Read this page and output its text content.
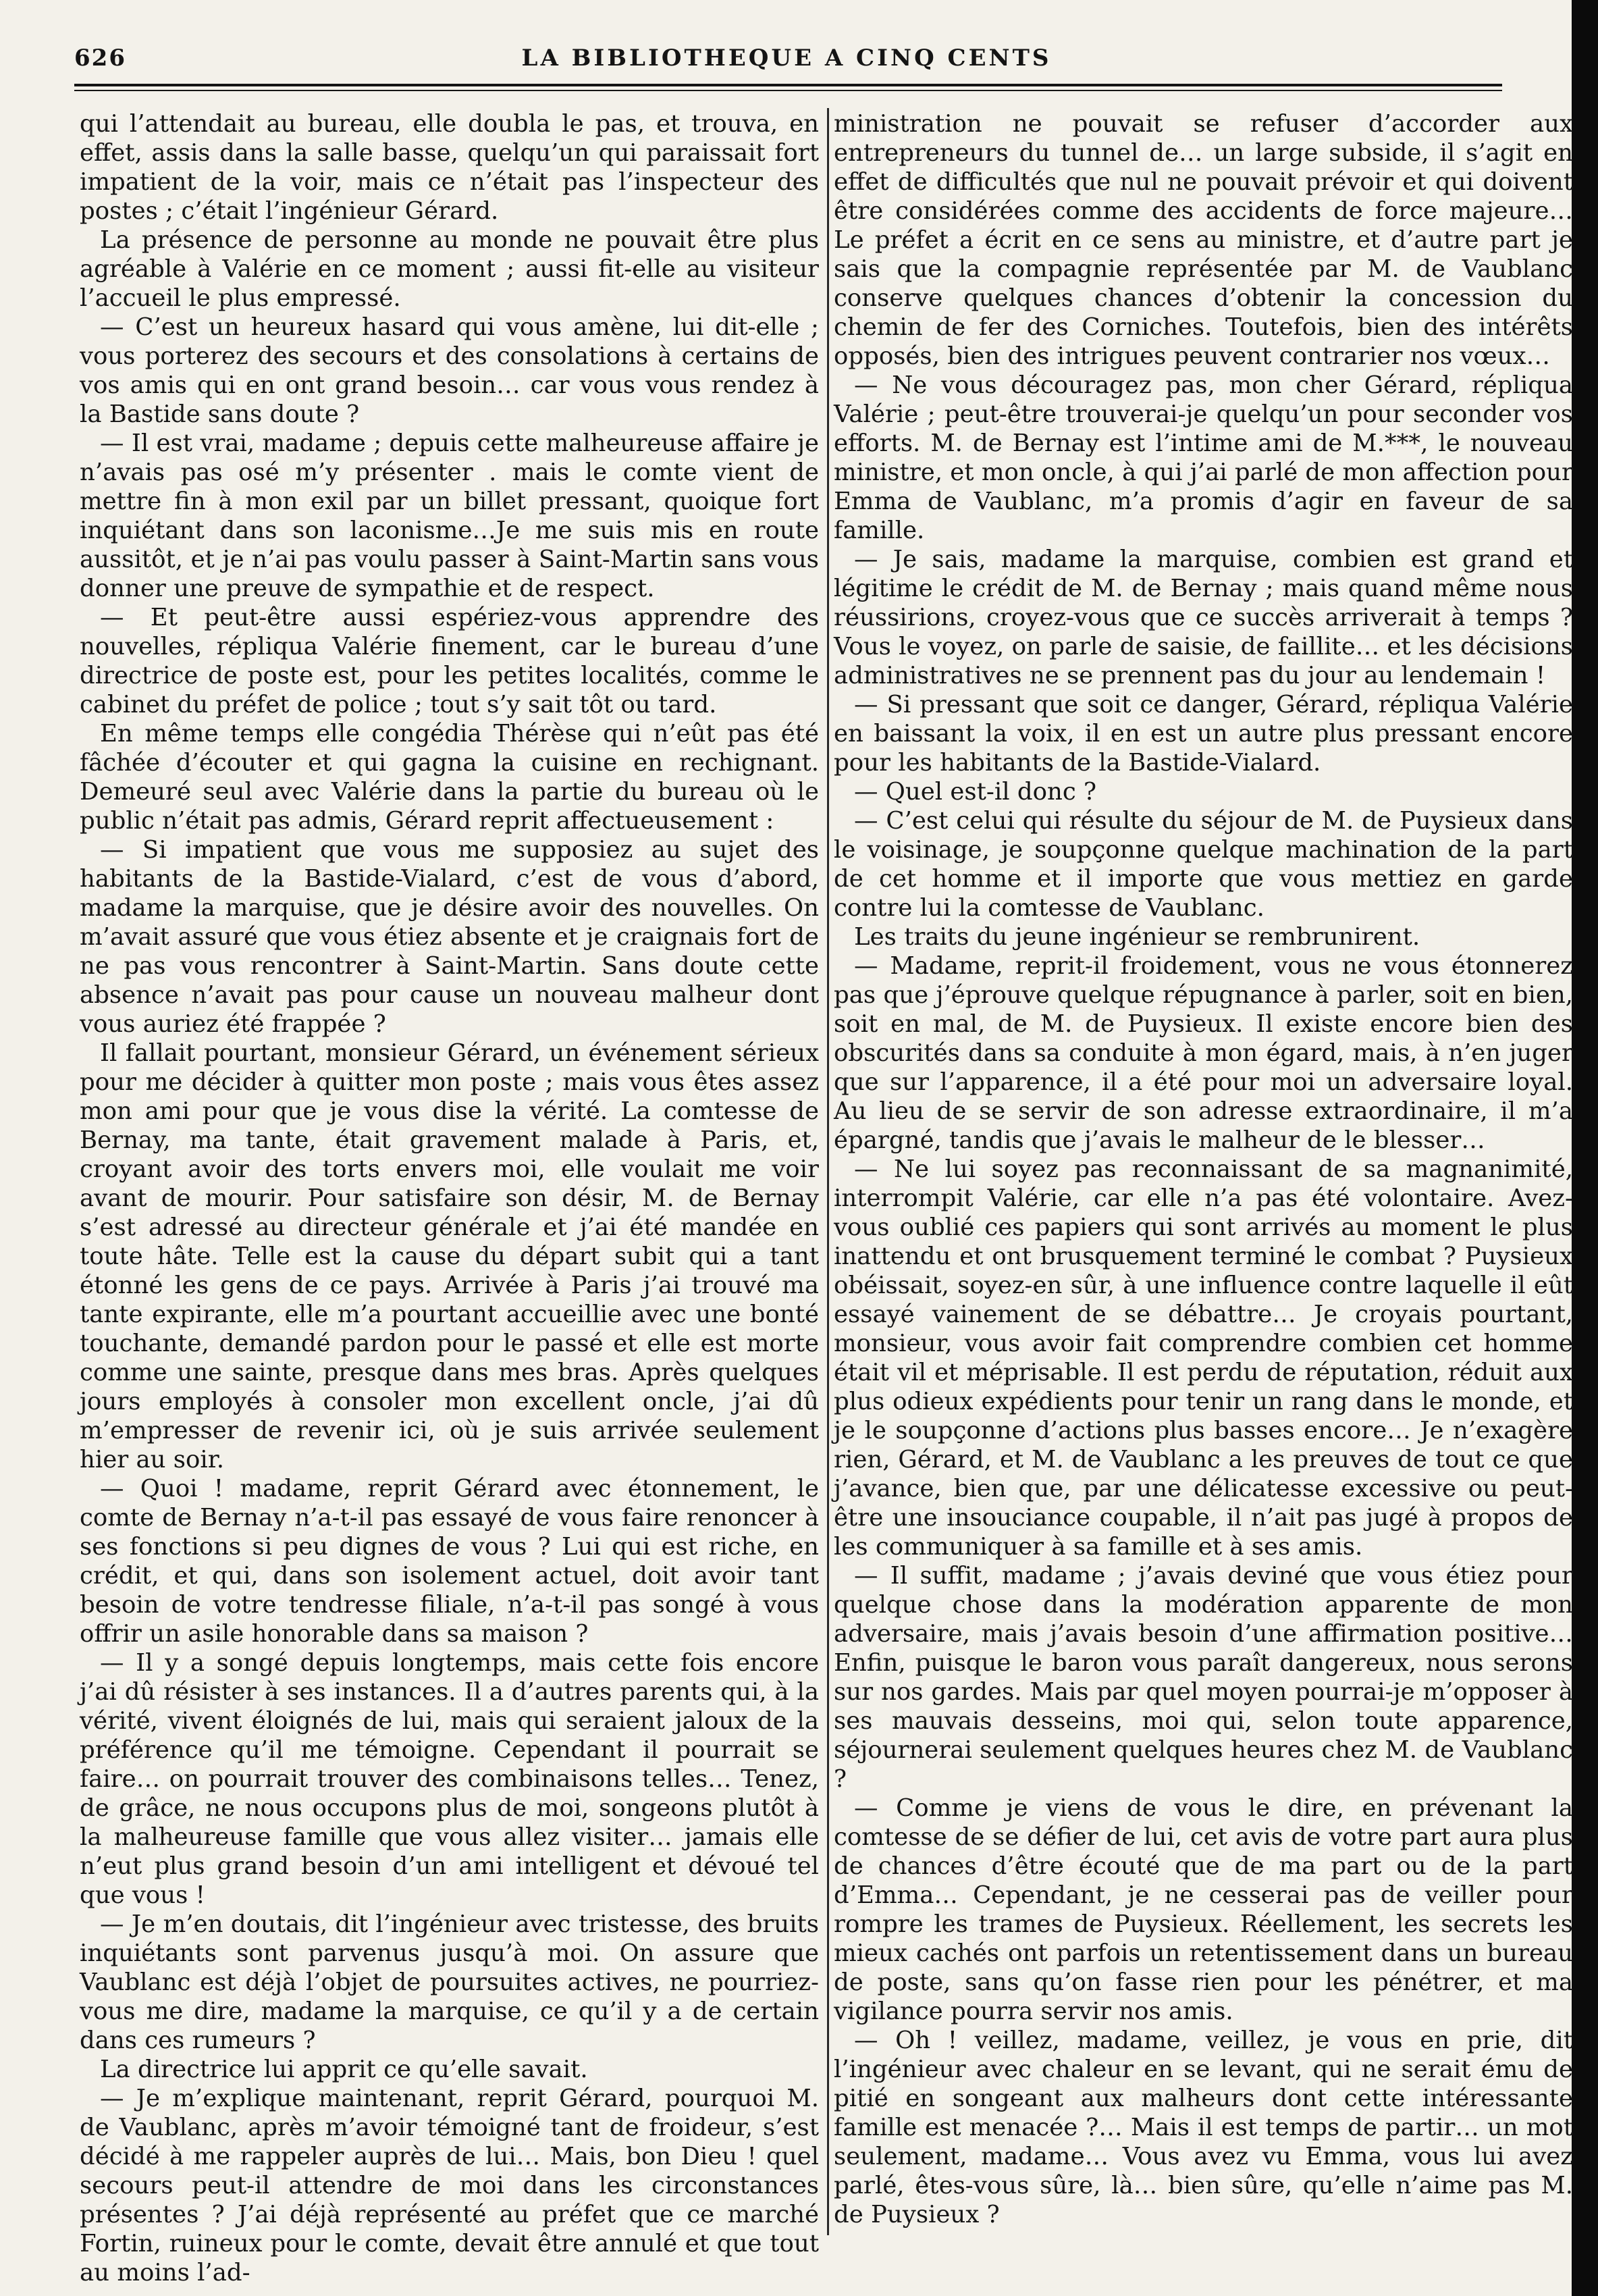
626	LA BIBLIOTHEQUE A CINQ CENTS

qui l’attendait au bureau, elle doubla le pas, et trouva, en effet, assis dans la salle basse, quelqu’un qui paraissait fort impatient de la voir, mais ce n’était pas l’inspecteur des postes ; c’était l’ingénieur Gérard.

La présence de personne au monde ne pouvait être plus agréable à Valérie en ce moment ; aussi fit-elle au visiteur l’accueil le plus empressé.

— C’est un heureux hasard qui vous amène, lui dit-elle ; vous porterez des secours et des consolations à certains de vos amis qui en ont grand besoin… car vous vous rendez à la Bastide sans doute ?

— Il est vrai, madame ; depuis cette malheureuse affaire je n’avais pas osé m’y présenter . mais le comte vient de mettre fin à mon exil par un billet pressant, quoique fort inquiétant dans son laconisme…Je me suis mis en route aussitôt, et je n’ai pas voulu passer à Saint-Martin sans vous donner une preuve de sympathie et de respect.

— Et peut-être aussi espériez-vous apprendre des nouvelles, répliqua Valérie finement, car le bureau d’une directrice de poste est, pour les petites localités, comme le cabinet du préfet de police ; tout s’y sait tôt ou tard.

En même temps elle congédia Thérèse qui n’eût pas été fâchée d’écouter et qui gagna la cuisine en rechignant. Demeuré seul avec Valérie dans la partie du bureau où le public n’était pas admis, Gérard reprit affectueusement :

— Si impatient que vous me supposiez au sujet des habitants de la Bastide-Vialard, c’est de vous d’abord, madame la marquise, que je désire avoir des nouvelles. On m’avait assuré que vous étiez absente et je craignais fort de ne pas vous rencontrer à Saint-Martin. Sans doute cette absence n’avait pas pour cause un nouveau malheur dont vous auriez été frappée ?

Il fallait pourtant, monsieur Gérard, un événement sérieux pour me décider à quitter mon poste ; mais vous êtes assez mon ami pour que je vous dise la vérité. La comtesse de Bernay, ma tante, était gravement malade à Paris, et, croyant avoir des torts envers moi, elle voulait me voir avant de mourir. Pour satisfaire son désir, M. de Bernay s’est adressé au directeur générale et j’ai été mandée en toute hâte. Telle est la cause du départ subit qui a tant étonné les gens de ce pays. Arrivée à Paris j’ai trouvé ma tante expirante, elle m’a pourtant accueillie avec une bonté touchante, demandé pardon pour le passé et elle est morte comme une sainte, presque dans mes bras. Après quelques jours employés à consoler mon excellent oncle, j’ai dû m’empresser de revenir ici, où je suis arrivée seulement hier au soir.

— Quoi ! madame, reprit Gérard avec étonnement, le comte de Bernay n’a-t-il pas essayé de vous faire renoncer à ses fonctions si peu dignes de vous ? Lui qui est riche, en crédit, et qui, dans son isolement actuel, doit avoir tant besoin de votre tendresse filiale, n’a-t-il pas songé à vous offrir un asile honorable dans sa maison ?

— Il y a songé depuis longtemps, mais cette fois encore j’ai dû résister à ses instances. Il a d’autres parents qui, à la vérité, vivent éloignés de lui, mais qui seraient jaloux de la préférence qu’il me témoigne. Cependant il pourrait se faire… on pourrait trouver des combinaisons telles… Tenez, de grâce, ne nous occupons plus de moi, songeons plutôt à la malheureuse famille que vous allez visiter… jamais elle n’eut plus grand besoin d’un ami intelligent et dévoué tel que vous !

— Je m’en doutais, dit l’ingénieur avec tristesse, des bruits inquiétants sont parvenus jusqu’à moi. On assure que Vaublanc est déjà l’objet de poursuites actives, ne pourriez-vous me dire, madame la marquise, ce qu’il y a de certain dans ces rumeurs ?

La directrice lui apprit ce qu’elle savait.

— Je m’explique maintenant, reprit Gérard, pourquoi M. de Vaublanc, après m’avoir témoigné tant de froideur, s’est décidé à me rappeler auprès de lui… Mais, bon Dieu ! quel secours peut-il attendre de moi dans les circonstances présentes ? J’ai déjà représenté au préfet que ce marché Fortin, ruineux pour le comte, devait être annulé et que tout au moins l’ad-

ministration ne pouvait se refuser d’accorder aux entrepreneurs du tunnel de… un large subside, il s’agit en effet de difficultés que nul ne pouvait prévoir et qui doivent être considérées comme des accidents de force majeure… Le préfet a écrit en ce sens au ministre, et d’autre part je sais que la compagnie représentée par M. de Vaublanc conserve quelques chances d’obtenir la concession du chemin de fer des Corniches. Toutefois, bien des intérêts opposés, bien des intrigues peuvent contrarier nos vœux…

— Ne vous découragez pas, mon cher Gérard, répliqua Valérie ; peut-être trouverai-je quelqu’un pour seconder vos efforts. M. de Bernay est l’intime ami de M.***, le nouveau ministre, et mon oncle, à qui j’ai parlé de mon affection pour Emma de Vaublanc, m’a promis d’agir en faveur de sa famille.

— Je sais, madame la marquise, combien est grand et légitime le crédit de M. de Bernay ; mais quand même nous réussirions, croyez-vous que ce succès arriverait à temps ? Vous le voyez, on parle de saisie, de faillite… et les décisions administratives ne se prennent pas du jour au lendemain !

— Si pressant que soit ce danger, Gérard, répliqua Valérie en baissant la voix, il en est un autre plus pressant encore pour les habitants de la Bastide-Vialard.

— Quel est-il donc ?

— C’est celui qui résulte du séjour de M. de Puysieux dans le voisinage, je soupçonne quelque machination de la part de cet homme et il importe que vous mettiez en garde contre lui la comtesse de Vaublanc.

Les traits du jeune ingénieur se rembrunirent.

— Madame, reprit-il froidement, vous ne vous étonnerez pas que j’éprouve quelque répugnance à parler, soit en bien, soit en mal, de M. de Puysieux. Il existe encore bien des obscurités dans sa conduite à mon égard, mais, à n’en juger que sur l’apparence, il a été pour moi un adversaire loyal. Au lieu de se servir de son adresse extraordinaire, il m’a épargné, tandis que j’avais le malheur de le blesser…

— Ne lui soyez pas reconnaissant de sa magnanimité, interrompit Valérie, car elle n’a pas été volontaire. Avez-vous oublié ces papiers qui sont arrivés au moment le plus inattendu et ont brusquement terminé le combat ? Puysieux obéissait, soyez-en sûr, à une influence contre laquelle il eût essayé vainement de se débattre… Je croyais pourtant, monsieur, vous avoir fait comprendre combien cet homme était vil et méprisable. Il est perdu de réputation, réduit aux plus odieux expédients pour tenir un rang dans le monde, et je le soupçonne d’actions plus basses encore… Je n’exagère rien, Gérard, et M. de Vaublanc a les preuves de tout ce que j’avance, bien que, par une délicatesse excessive ou peut-être une insouciance coupable, il n’ait pas jugé à propos de les communiquer à sa famille et à ses amis.

— Il suffit, madame ; j’avais deviné que vous étiez pour quelque chose dans la modération apparente de mon adversaire, mais j’avais besoin d’une affirmation positive… Enfin, puisque le baron vous paraît dangereux, nous serons sur nos gardes. Mais par quel moyen pourrai-je m’opposer à ses mauvais desseins, moi qui, selon toute apparence, séjournerai seulement quelques heures chez M. de Vaublanc ?

— Comme je viens de vous le dire, en prévenant la comtesse de se défier de lui, cet avis de votre part aura plus de chances d’être écouté que de ma part ou de la part d’Emma… Cependant, je ne cesserai pas de veiller pour rompre les trames de Puysieux. Réellement, les secrets les mieux cachés ont parfois un retentissement dans un bureau de poste, sans qu’on fasse rien pour les pénétrer, et ma vigilance pourra servir nos amis.

— Oh ! veillez, madame, veillez, je vous en prie, dit l’ingénieur avec chaleur en se levant, qui ne serait ému de pitié en songeant aux malheurs dont cette intéressante famille est menacée ?… Mais il est temps de partir… un mot seulement, madame… Vous avez vu Emma, vous lui avez parlé, êtes-vous sûre, là… bien sûre, qu’elle n’aime pas M. de Puysieux ?
